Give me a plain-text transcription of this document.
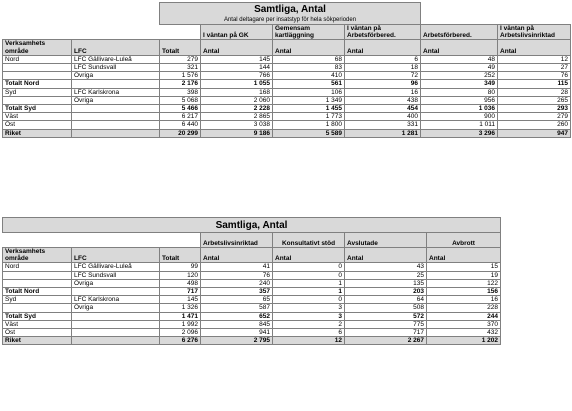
		Samtliga, Antal
Antal deltagare per insatstyp för hela sökperioden					

			I väntan på GK	Gemensam kartläggning	I väntan på Arbetsförbered.	Arbetsförbered.	I väntan på Arbetslivsinriktad
Verksamhets område	LFC	Totalt	Antal	Antal	Antal	Antal	Antal
Nord	LFC Gällivare-Luleå	279	145	68	6	48	12
	LFC Sundsvall	321	144	83	18	49	27
	Övriga	1 576	766	410	72	252	76
Totalt Nord		2 176	1 055	561	96	349	115
Syd	LFC Karlskrona	398	168	106	16	80	28
	Övriga	5 068	2 060	1 349	438	956	265
Totalt Syd		5 466	2 228	1 455	454	1 036	293
Väst		6 217	2 865	1 773	400	900	279
Öst		6 440	3 038	1 800	331	1 011	260
Riket		20 299	9 186	5 589	1 281	3 296	947
Samtliga, Antal						

			Arbetslivsinriktad	Konsultativt stöd	Avslutade	Avbrott
Verksamhets område	LFC	Totalt	Antal	Antal	Antal	Antal
Nord	LFC Gällivare-Luleå	99	41	0	43	15
	LFC Sundsvall	120	76	0	25	19
	Övriga	498	240	1	135	122
Totalt Nord		717	357	1	203	156
Syd	LFC Karlskrona	145	65	0	64	16
	Övriga	1 326	587	3	508	228
Totalt Syd		1 471	652	3	572	244
Väst		1 992	845	2	775	370
Öst		2 096	941	6	717	432
Riket		6 276	2 795	12	2 267	1 202
